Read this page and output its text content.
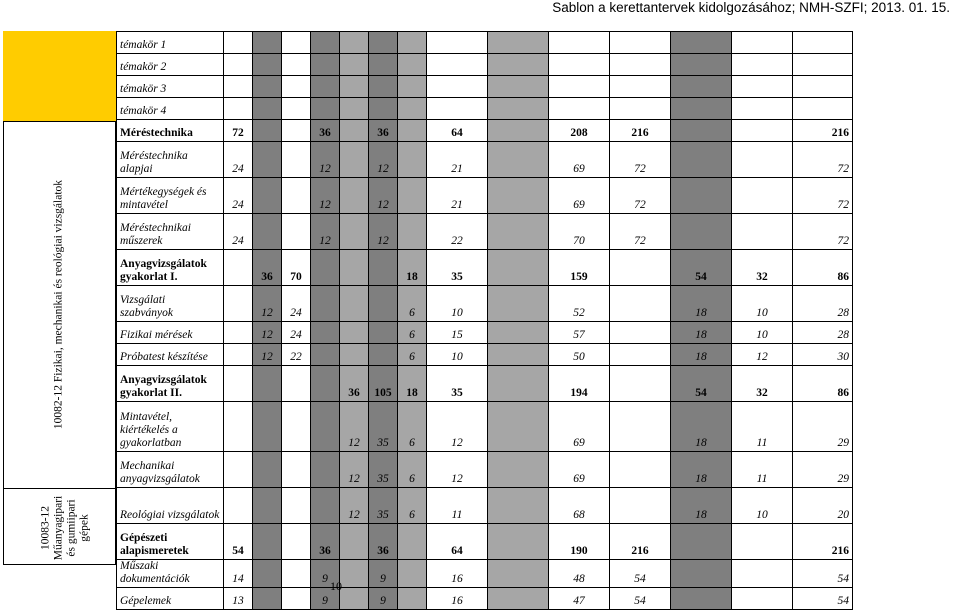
Sablon a kerettantervek kidolgozásához; NMH-SZFI; 2013. 01. 15.
10082-12 Fizikai, mechanikai és reológiai vizsgálatok
10083-12 Műanyagipari és gumiipari gépek
témakör 1														
témakör 2														
témakör 3														
témakör 4														
Méréstechnika	72			36		36		64		208	216			216
Méréstechnika alapjai	24			12		12		21		69	72			72
Mértékegységek és mintavétel	24			12		12		21		69	72			72
Méréstechnikai műszerek	24			12		12		22		70	72			72
Anyagvizsgálatok gyakorlat I.		36	70				18	35		159		54	32	86
Vizsgálati szabványok		12	24				6	10		52		18	10	28
Fizikai mérések		12	24				6	15		57		18	10	28
Próbatest készítése		12	22				6	10		50		18	12	30
Anyagvizsgálatok gyakorlat II.					36	105	18	35		194		54	32	86
Mintavétel, kiértékelés a gyakorlatban					12	35	6	12		69		18	11	29
Mechanikai anyagvizsgálatok					12	35	6	12		69		18	11	29
Reológiai vizsgálatok					12	35	6	11		68		18	10	20
Gépészeti alapismeretek	54			36		36		64		190	216			216
Műszaki dokumentációk	14			9		9		16		48	54			54
Gépelemek	13			9		9		16		47	54			54
10
